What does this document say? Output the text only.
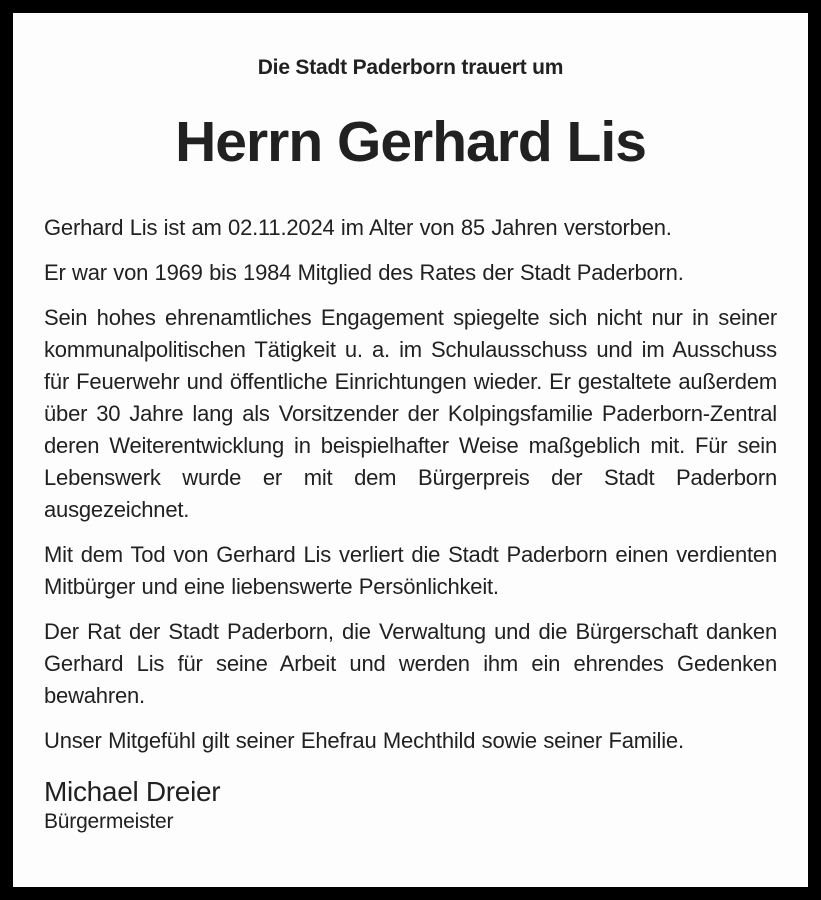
Die Stadt Paderborn trauert um
Herrn Gerhard Lis

Gerhard Lis ist am 02.11.2024 im Alter von 85 Jahren verstorben.

Er war von 1969 bis 1984 Mitglied des Rates der Stadt Paderborn.

Sein hohes ehrenamtliches Engagement spiegelte sich nicht nur in seiner kommunalpolitischen Tätigkeit u. a. im Schulausschuss und im Ausschuss für Feuerwehr und öffentliche Einrichtungen wieder. Er gestaltete außerdem über 30 Jahre lang als Vorsitzender der Kolpingsfamilie Paderborn-Zentral deren Weiterentwicklung in beispielhafter Weise maßgeblich mit. Für sein Lebenswerk wurde er mit dem Bürgerpreis der Stadt Paderborn ausgezeichnet.

Mit dem Tod von Gerhard Lis verliert die Stadt Paderborn einen verdienten Mitbürger und eine liebenswerte Persönlichkeit.

Der Rat der Stadt Paderborn, die Verwaltung und die Bürgerschaft danken Gerhard Lis für seine Arbeit und werden ihm ein ehrendes Gedenken bewahren.

Unser Mitgefühl gilt seiner Ehefrau Mechthild sowie seiner Familie.

Michael Dreier
Bürgermeister
